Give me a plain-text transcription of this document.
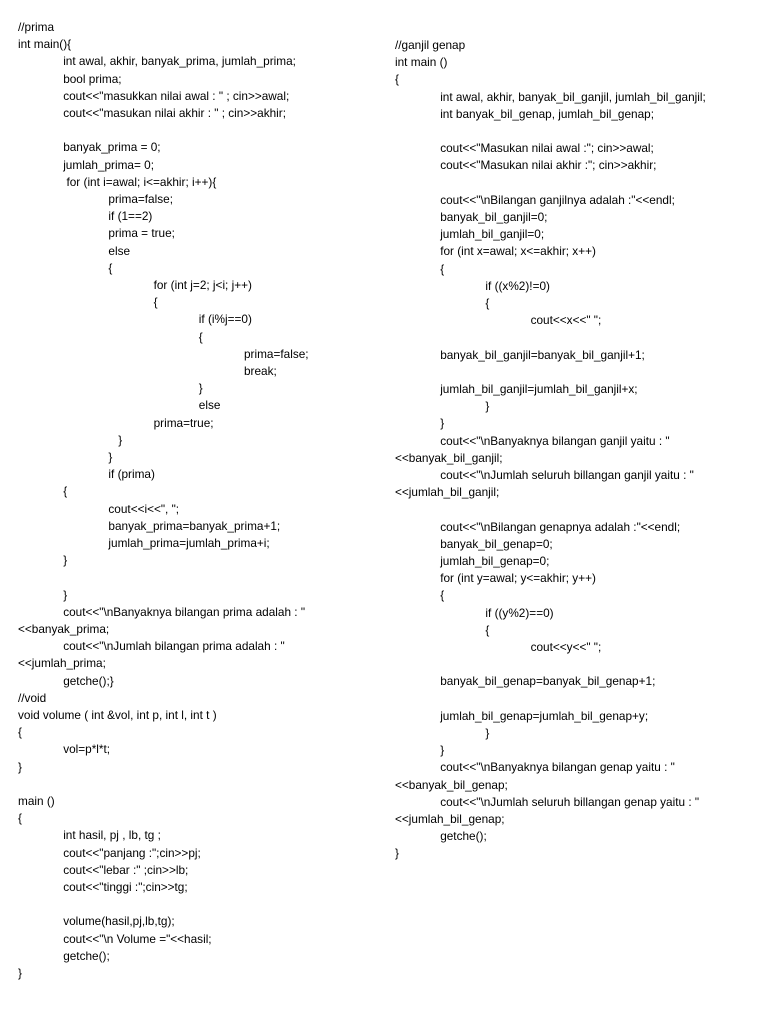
//prima
int main(){
int awal, akhir, banyak_prima, jumlah_prima;
bool prima;
cout<<"masukkan nilai awal : " ; cin>>awal;
cout<<"masukan nilai akhir : " ; cin>>akhir;
banyak_prima = 0;
jumlah_prima= 0;
for (int i=awal; i<=akhir; i++){
prima=false;
if (1==2)
prima = true;
else
{
for (int j=2; j<i; j++)
{
if (i%j==0)
{
prima=false;
break;
}
else
prima=true;
}
}
if (prima)
{
cout<<i<<", ";
banyak_prima=banyak_prima+1;
jumlah_prima=jumlah_prima+i;
}
}
cout<<"\nBanyaknya bilangan prima adalah : "
<<banyak_prima;
cout<<"\nJumlah bilangan prima adalah : "
<<jumlah_prima;
getche();}
//void
void volume ( int &vol, int p, int l, int t )
{
vol=p*l*t;
}
main ()
{
int hasil, pj , lb, tg ;
cout<<"panjang :";cin>>pj;
cout<<"lebar :" ;cin>>lb;
cout<<"tinggi :";cin>>tg;
volume(hasil,pj,lb,tg);
cout<<"\n Volume ="<<hasil;
getche();
}
//ganjil genap
int main ()
{
int awal, akhir, banyak_bil_ganjil, jumlah_bil_ganjil;
int banyak_bil_genap, jumlah_bil_genap;
cout<<"Masukan nilai awal :"; cin>>awal;
cout<<"Masukan nilai akhir :"; cin>>akhir;
cout<<"\nBilangan ganjilnya adalah :"<<endl;
banyak_bil_ganjil=0;
jumlah_bil_ganjil=0;
for (int x=awal; x<=akhir; x++)
{
if ((x%2)!=0)
{
cout<<x<<" ";
banyak_bil_ganjil=banyak_bil_ganjil+1;
jumlah_bil_ganjil=jumlah_bil_ganjil+x;
}
}
cout<<"\nBanyaknya bilangan ganjil yaitu : "
<<banyak_bil_ganjil;
cout<<"\nJumlah seluruh billangan ganjil yaitu : "
<<jumlah_bil_ganjil;
cout<<"\nBilangan genapnya adalah :"<<endl;
banyak_bil_genap=0;
jumlah_bil_genap=0;
for (int y=awal; y<=akhir; y++)
{
if ((y%2)==0)
{
cout<<y<<" ";
banyak_bil_genap=banyak_bil_genap+1;
jumlah_bil_genap=jumlah_bil_genap+y;
}
}
cout<<"\nBanyaknya bilangan genap yaitu : "
<<banyak_bil_genap;
cout<<"\nJumlah seluruh billangan genap yaitu : "
<<jumlah_bil_genap;
getche();
}
